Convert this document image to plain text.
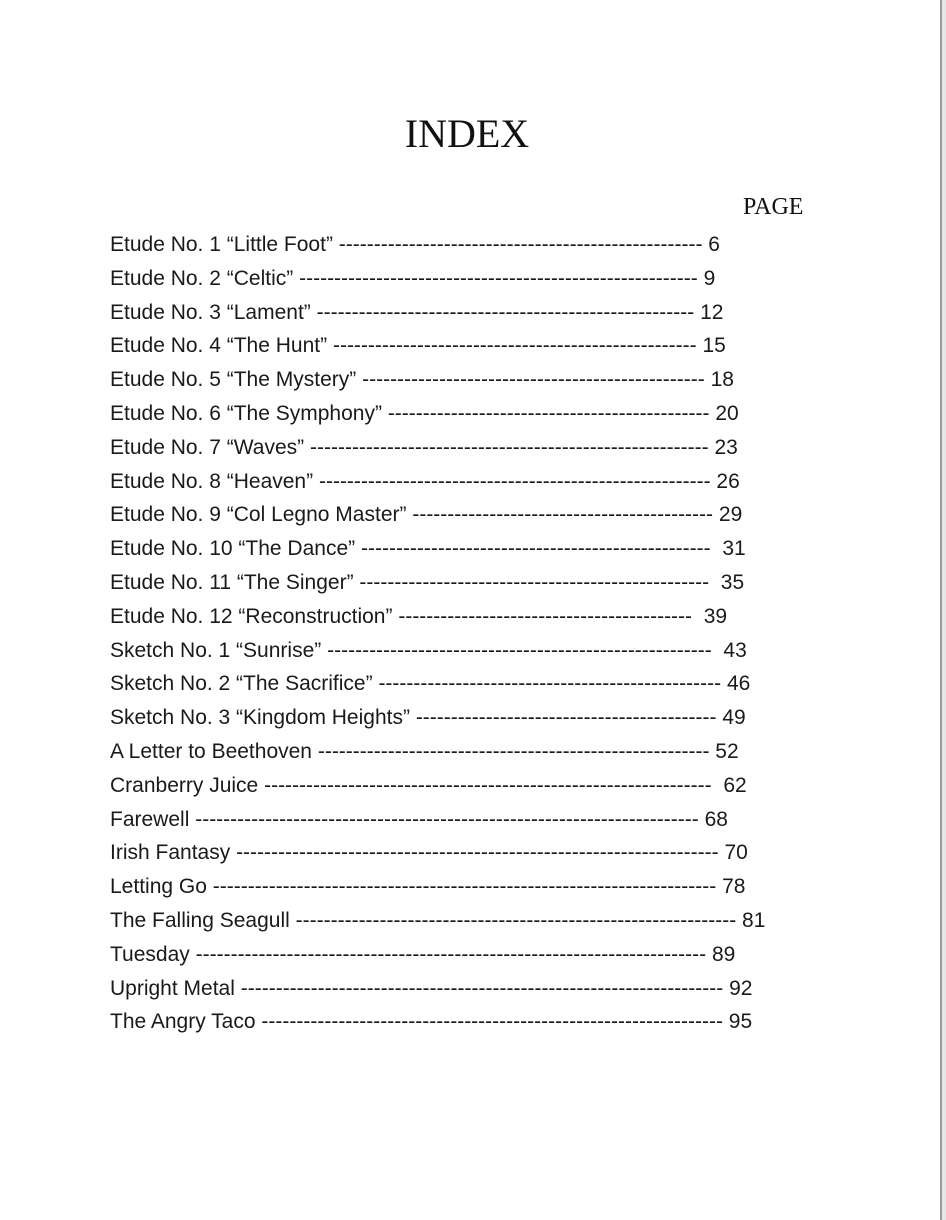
INDEX
PAGE
Etude No. 1 “Little Foot” ---------------------------------------------------- 6
Etude No. 2 “Celtic” --------------------------------------------------------- 9
Etude No. 3 “Lament” ------------------------------------------------------ 12
Etude No. 4 “The Hunt” ---------------------------------------------------- 15
Etude No. 5 “The Mystery” ------------------------------------------------- 18
Etude No. 6 “The Symphony” ---------------------------------------------- 20
Etude No. 7 “Waves” --------------------------------------------------------- 23
Etude No. 8 “Heaven” -------------------------------------------------------- 26
Etude No. 9 “Col Legno Master” ------------------------------------------- 29
Etude No. 10 “The Dance” --------------------------------------------------  31
Etude No. 11 “The Singer” --------------------------------------------------  35
Etude No. 12 “Reconstruction” ------------------------------------------  39
Sketch No. 1 “Sunrise” -------------------------------------------------------  43
Sketch No. 2 “The Sacrifice” ------------------------------------------------- 46
Sketch No. 3 “Kingdom Heights” ------------------------------------------- 49
A Letter to Beethoven -------------------------------------------------------- 52
Cranberry Juice ----------------------------------------------------------------  62
Farewell ------------------------------------------------------------------------ 68
Irish Fantasy --------------------------------------------------------------------- 70
Letting Go ------------------------------------------------------------------------ 78
The Falling Seagull --------------------------------------------------------------- 81
Tuesday ------------------------------------------------------------------------- 89
Upright Metal --------------------------------------------------------------------- 92
The Angry Taco ------------------------------------------------------------------ 95
